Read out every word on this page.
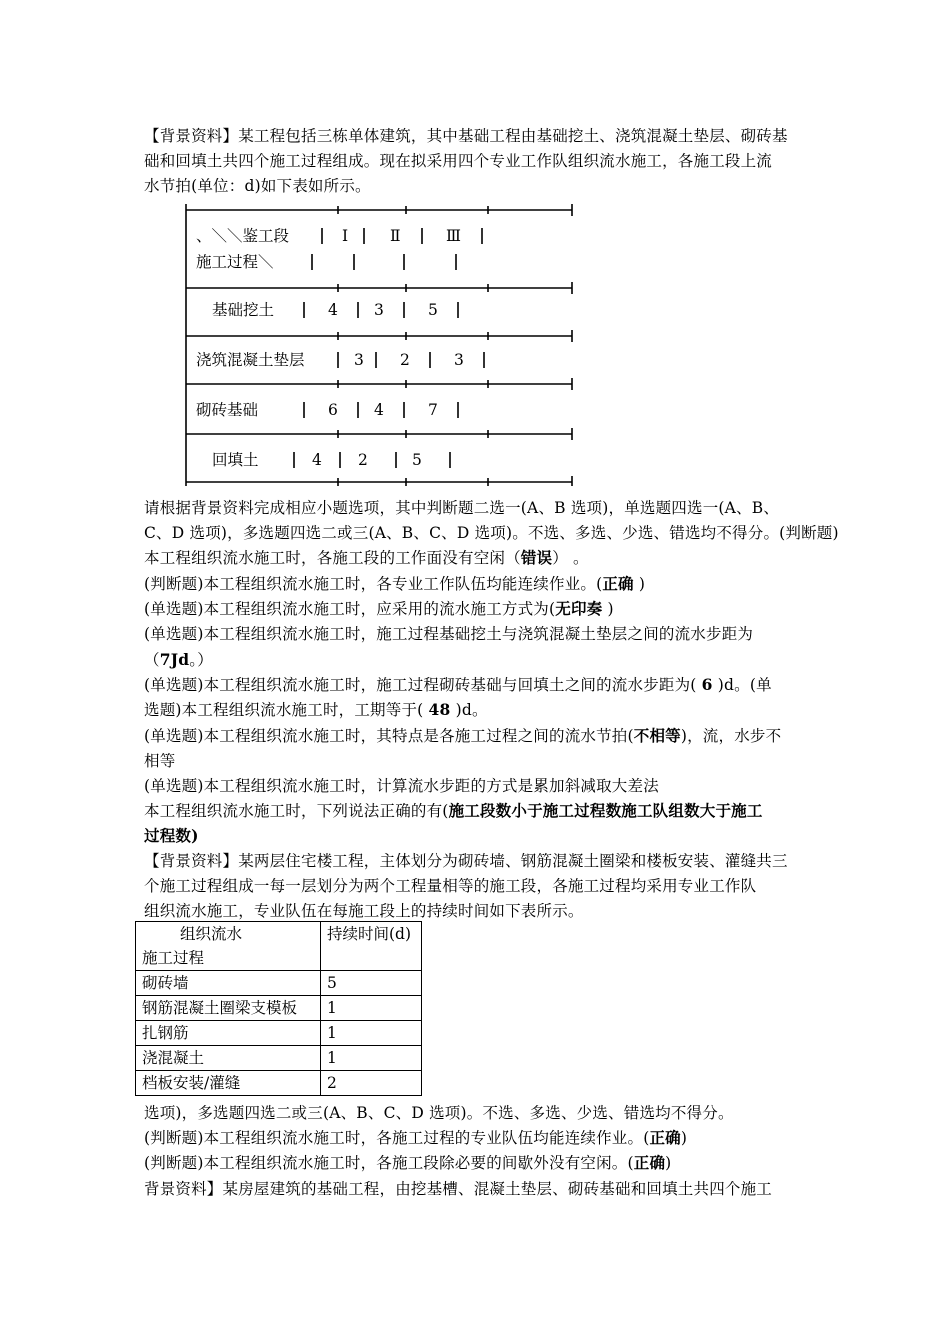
【背景资料】某工程包括三栋单体建筑，其中基础工程由基础挖土、浇筑混凝土垫层、砌砖基
础和回填土共四个施工过程组成。现在拟采用四个专业工作队组织流水施工，各施工段上流
水节拍(单位：d)如下表如所示。
、＼＼鉴工段	Ⅰ	Ⅱ	Ⅲ
施工过程＼
基础挖土	4 3	5
浇筑混凝土垫层	3 2	3
砌砖基础	6 4	7
回填土	4 2	5
请根据背景资料完成相应小题选项，其中判断题二选一(A、B 选项)，单选题四选一(A、B、
C、D 选项)，多选题四选二或三(A、B、C、D 选项)。不选、多选、少选、错选均不得分。(判断题)
本工程组织流水施工时，各施工段的工作面没有空闲（错误） 。
(判断题)本工程组织流水施工时，各专业工作队伍均能连续作业。(正确 )
(单选题)本工程组织流水施工时，应采用的流水施工方式为(无印奏 )
(单选题)本工程组织流水施工时，施工过程基础挖土与浇筑混凝土垫层之间的流水步距为
（7Jd。）
(单选题)本工程组织流水施工时，施工过程砌砖基础与回填土之间的流水步距为( 6 )d。(单
选题)本工程组织流水施工时，工期等于( 48 )d。
(单选题)本工程组织流水施工时，其特点是各施工过程之间的流水节拍(不相等)，流，水步不
相等
(单选题)本工程组织流水施工时，计算流水步距的方式是累加斜减取大差法
本工程组织流水施工时，下列说法正确的有(施工段数小于施工过程数施工队组数大于施工
过程数)
【背景资料】某两层住宅楼工程，主体划分为砌砖墙、钢筋混凝土圈梁和楼板安装、灌缝共三
个施工过程组成一每一层划分为两个工程量相等的施工段，各施工过程均采用专业工作队
组织流水施工，专业队伍在每施工段上的持续时间如下表所示。
组织流水
施工过程	持续时间(d)
砌砖墙	5
钢筋混凝土圈梁支模板	1
扎钢筋	1
浇混凝土	1
档板安装/灌缝	2
选项)，多选题四选二或三(A、B、C、D 选项)。不选、多选、少选、错选均不得分。
(判断题)本工程组织流水施工时，各施工过程的专业队伍均能连续作业。(正确)
(判断题)本工程组织流水施工时，各施工段除必要的间歇外没有空闲。(正确)
背景资料】某房屋建筑的基础工程，由挖基槽、混凝土垫层、砌砖基础和回填土共四个施工
